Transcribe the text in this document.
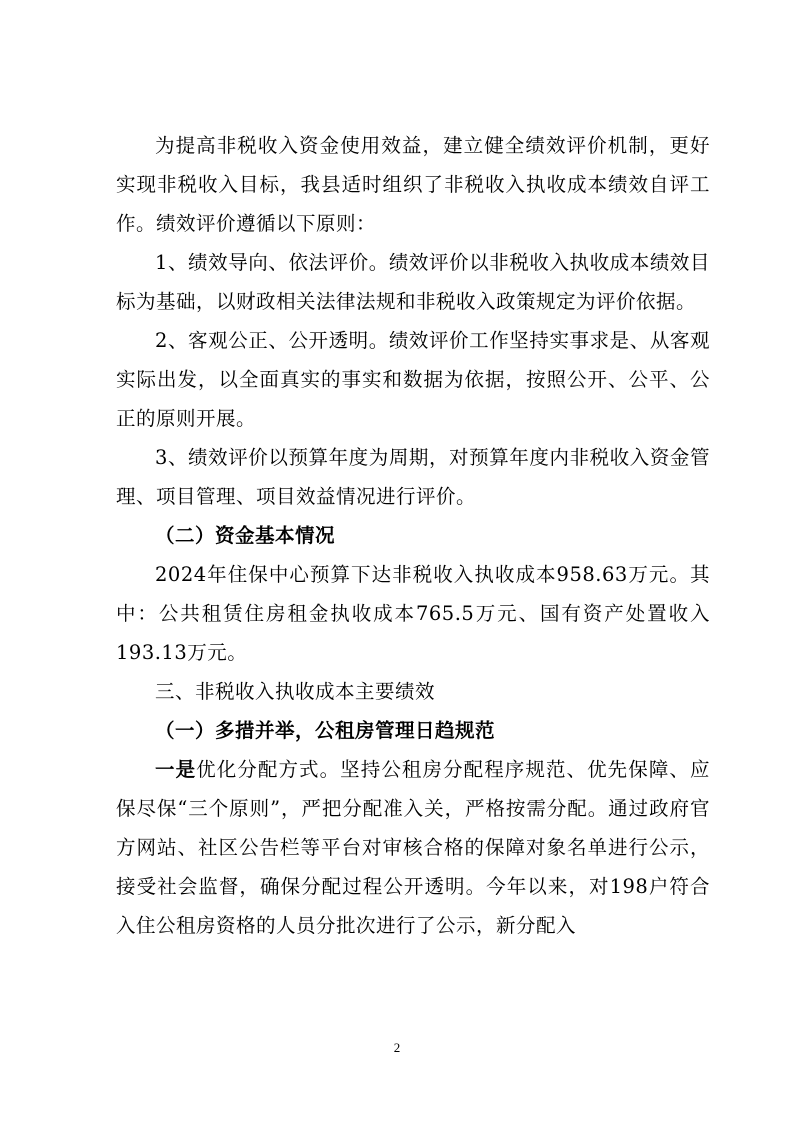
为提高非税收入资金使用效益，建立健全绩效评价机制，更好实现非税收入目标，我县适时组织了非税收入执收成本绩效自评工作。绩效评价遵循以下原则：

1、绩效导向、依法评价。绩效评价以非税收入执收成本绩效目标为基础，以财政相关法律法规和非税收入政策规定为评价依据。

2、客观公正、公开透明。绩效评价工作坚持实事求是、从客观实际出发，以全面真实的事实和数据为依据，按照公开、公平、公正的原则开展。

3、绩效评价以预算年度为周期，对预算年度内非税收入资金管理、项目管理、项目效益情况进行评价。

（二）资金基本情况

2024年住保中心预算下达非税收入执收成本958.63万元。其中：公共租赁住房租金执收成本765.5万元、国有资产处置收入193.13万元。

三、非税收入执收成本主要绩效

（一）多措并举，公租房管理日趋规范

一是优化分配方式。坚持公租房分配程序规范、优先保障、应保尽保“三个原则”，严把分配准入关，严格按需分配。通过政府官方网站、社区公告栏等平台对审核合格的保障对象名单进行公示，接受社会监督，确保分配过程公开透明。今年以来，对198户符合入住公租房资格的人员分批次进行了公示，新分配入

2
